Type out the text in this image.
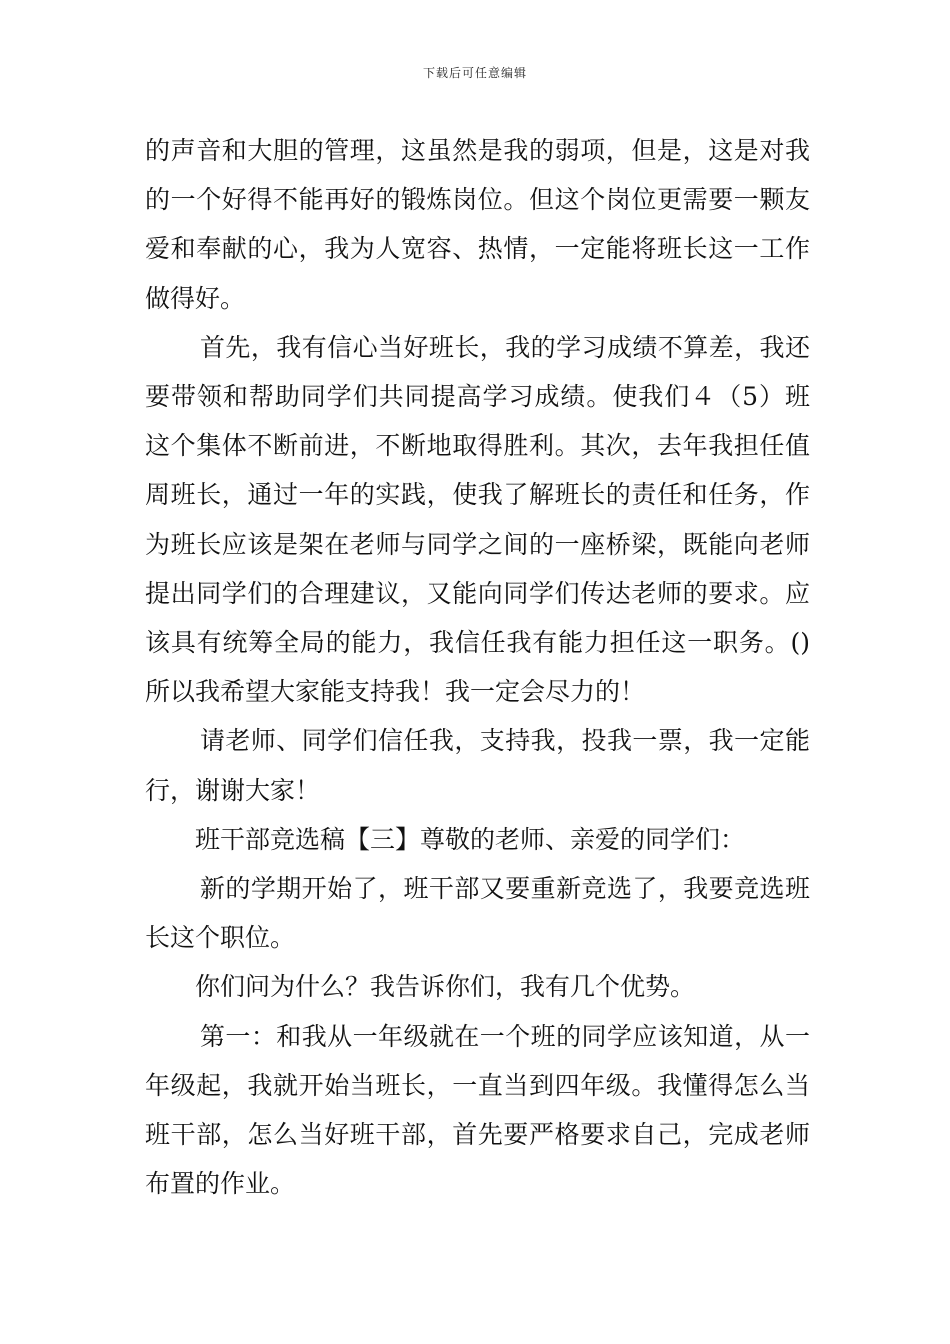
下载后可任意编辑

的声音和大胆的管理，这虽然是我的弱项，但是，这是对我的一个好得不能再好的锻炼岗位。但这个岗位更需要一颗友爱和奉献的心，我为人宽容、热情，一定能将班长这一工作做得好。

首先，我有信心当好班长，我的学习成绩不算差，我还要带领和帮助同学们共同提高学习成绩。使我们４（5）班这个集体不断前进，不断地取得胜利。其次，去年我担任值周班长，通过一年的实践，使我了解班长的责任和任务，作为班长应该是架在老师与同学之间的一座桥梁，既能向老师提出同学们的合理建议，又能向同学们传达老师的要求。应该具有统筹全局的能力，我信任我有能力担任这一职务。()所以我希望大家能支持我！我一定会尽力的！

请老师、同学们信任我，支持我，投我一票，我一定能行，谢谢大家！

班干部竞选稿【三】尊敬的老师、亲爱的同学们：

新的学期开始了，班干部又要重新竞选了，我要竞选班长这个职位。

你们问为什么？我告诉你们，我有几个优势。

第一：和我从一年级就在一个班的同学应该知道，从一年级起，我就开始当班长，一直当到四年级。我懂得怎么当班干部，怎么当好班干部，首先要严格要求自己，完成老师布置的作业。
